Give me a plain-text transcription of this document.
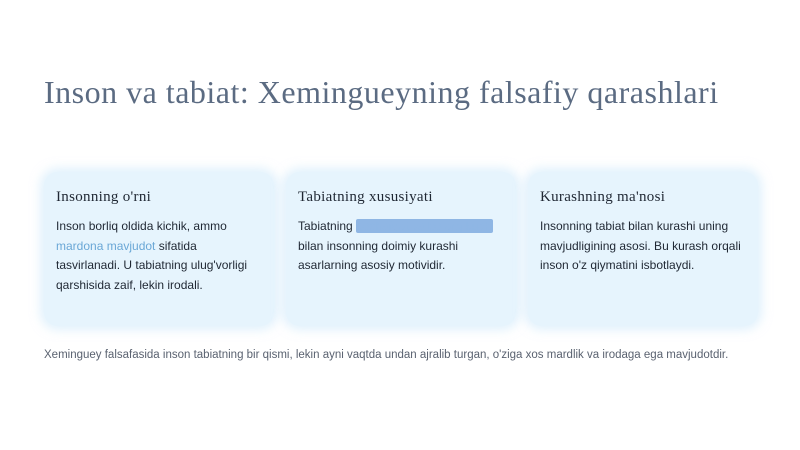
Inson va tabiat: Xemingueyning falsafiy qarashlari
Insonning o'rni

Inson borliq oldida kichik, ammo mardona mavjudot sifatida tasvirlanadi. U tabiatning ulug'vorligi qarshisida zaif, lekin irodali.

Tabiatning xususiyati

Tabiatning beshafqat va befarq kuchi bilan insonning doimiy kurashi asarlarning asosiy motividir.

Kurashning ma'nosi

Insonning tabiat bilan kurashi uning mavjudligining asosi. Bu kurash orqali inson o'z qiymatini isbotlaydi.

Xeminguey falsafasida inson tabiatning bir qismi, lekin ayni vaqtda undan ajralib turgan, o'ziga xos mardlik va irodaga ega mavjudotdir.
